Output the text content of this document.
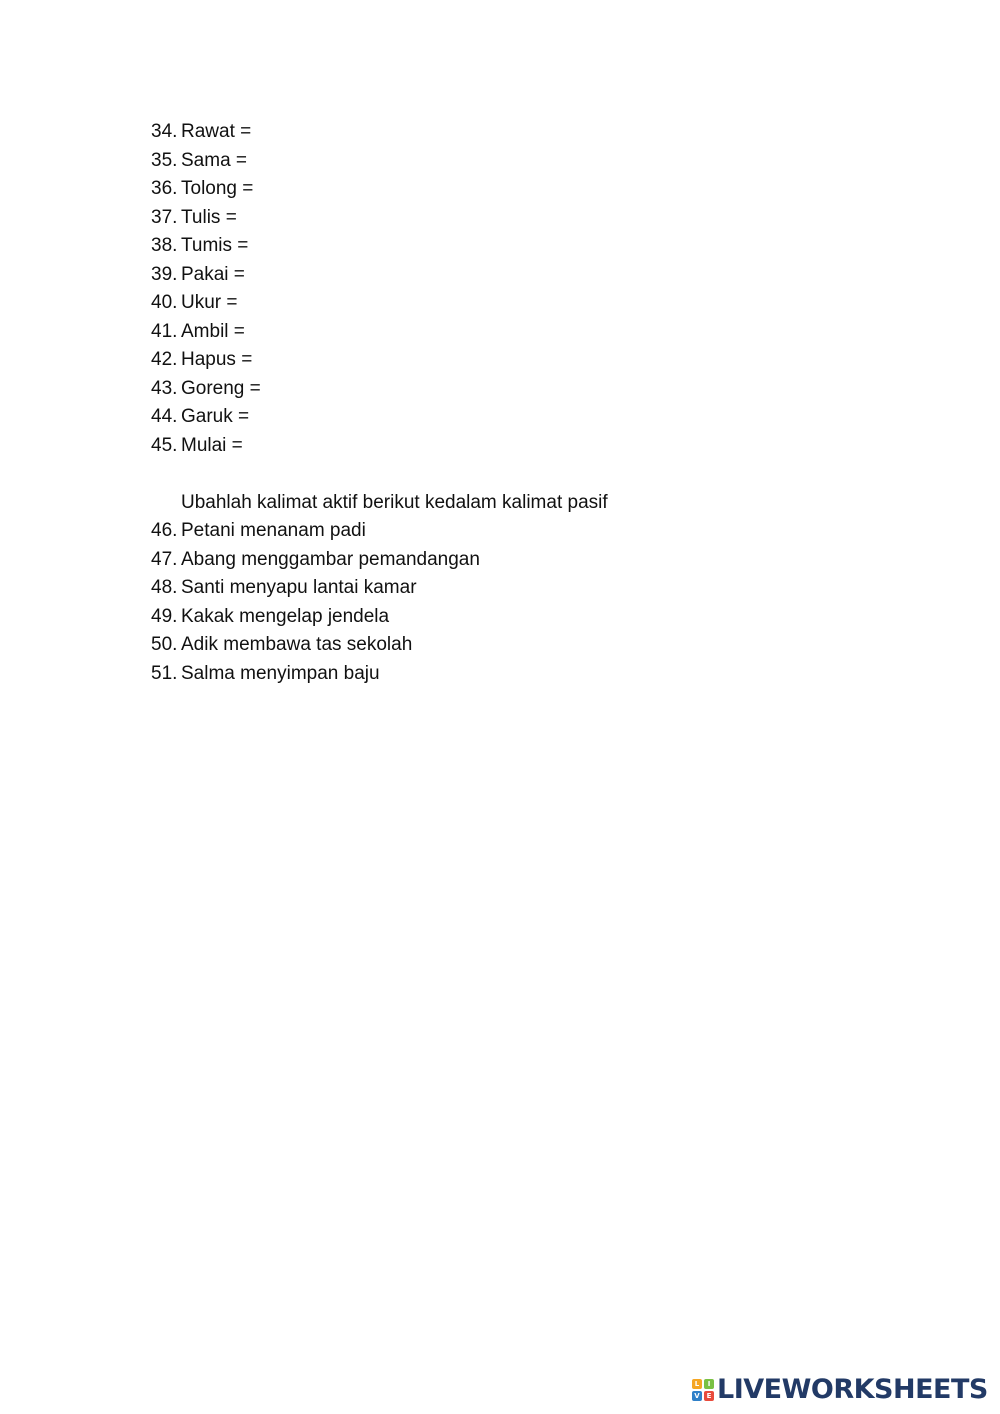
34. Rawat =
35. Sama =
36. Tolong =
37. Tulis =
38. Tumis =
39. Pakai =
40. Ukur =
41. Ambil =
42. Hapus =
43. Goreng =
44. Garuk =
45. Mulai =
Ubahlah kalimat aktif berikut kedalam kalimat pasif
46. Petani menanam padi
47. Abang menggambar pemandangan
48. Santi menyapu lantai kamar
49. Kakak mengelap jendela
50. Adik membawa tas sekolah
51. Salma menyimpan baju
L	I
V E LIVEWORKSHEETS
